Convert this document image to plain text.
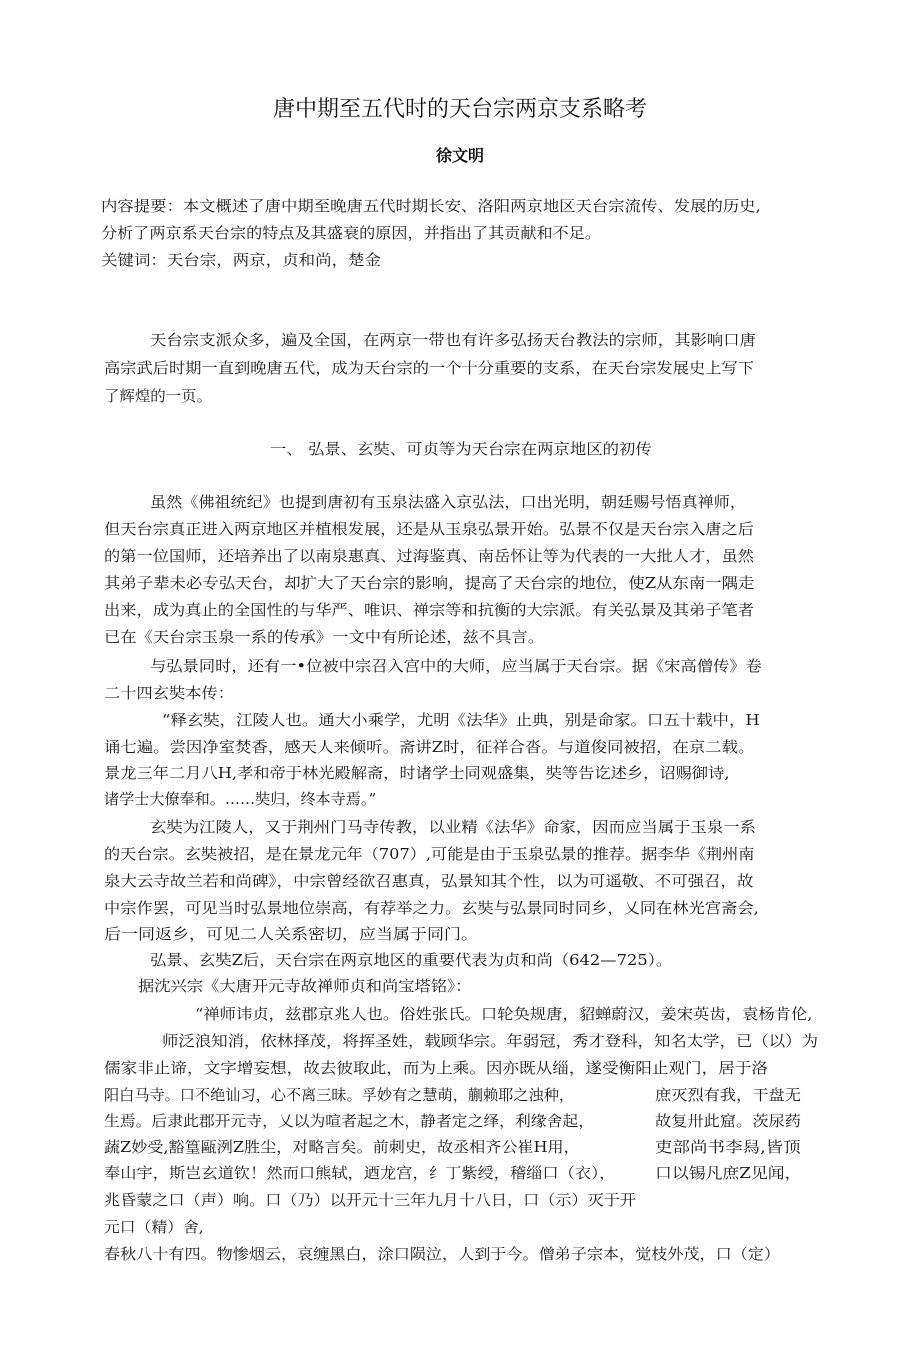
唐中期至五代时的天台宗两京支系略考
徐文明
内容提要：本文概述了唐中期至晚唐五代时期长安、洛阳两京地区天台宗流传、发展的历史,
分析了两京系天台宗的特点及其盛衰的原因，并指出了其贡献和不足。
关键词：天台宗，两京，贞和尚，楚金
天台宗支派众多，遍及全国，在两京一带也有许多弘扬天台教法的宗师，其影响口唐
高宗武后时期一直到晚唐五代，成为天台宗的一个十分重要的支系，在天台宗发展史上写下
了辉煌的一页。
一、 弘景、玄奘、可贞等为天台宗在两京地区的初传
虽然《佛祖统纪》也提到唐初有玉泉法盛入京弘法，口出光明，朝廷赐号悟真禅师，
但天台宗真正进入两京地区并植根发展，还是从玉泉弘景开始。弘景不仅是天台宗入唐之后
的第一位国师，还培养出了以南泉惠真、过海鉴真、南岳怀让等为代表的一大批人才，虽然
其弟子辈未必专弘天台，却扩大了天台宗的影响，提高了天台宗的地位，使Z从东南一隅走
出来，成为真止的全国性的与华严、唯识、禅宗等和抗衡的大宗派。有关弘景及其弟子笔者
已在《天台宗玉泉一系的传承》一文中有所论述，兹不具言。
与弘景同时，还有一•位被中宗召入宫中的大师，应当属于天台宗。据《宋高僧传》卷
二十四玄奘本传：
“释玄奘，江陵人也。通大小乘学，尤明《法华》止典，别是命家。口五十载中，H
诵七遍。尝因净室焚香，感天人来倾听。斋讲Z时，征祥合沓。与道俊同被招，在京二载。
景龙三年二月八H,孝和帝于林光殿解斋，时诸学士同观盛集，奘等告讫述乡，诏赐御诗,
诸学士大僚奉和。……奘归，终本寺焉。”
玄奘为江陵人，又于荆州门马寺传教，以业精《法华》命家，因而应当属于玉泉一系
的天台宗。玄奘被招，是在景龙元年（707）,可能是由于玉泉弘景的推荐。据李华《荆州南
泉大云寺故兰若和尚碑》，中宗曾经欲召惠真，弘景知其个性，以为可遥敬、不可强召，故
中宗作罢，可见当时弘景地位崇高，有荐举之力。玄奘与弘景同时同乡，乂同在林光宫斋会,
后一同返乡，可见二人关系密切，应当属于同门。
弘景、玄奘Z后，天台宗在两京地区的重要代表为贞和尚（642—725）。
据沈兴宗《大唐开元寺故禅师贞和尚宝塔铭》：
“禅师讳贞，兹郡京兆人也。俗姓张氏。口轮奂规唐，貂蝉蔚汉，姜宋英齿，袁杨肯伦,
师泛浪知消，依林择茂，将挥圣姓，载顾华宗。年弱冠，秀才登科，知名太学，已（以）为
儒家非止谛，文字增妄想，故去彼取此，而为上乘。因亦既从缁，遂受衡阳止观门，居于洛
阳白马寺。口不绝讪习，心不离三昧。孚妙有之慧萌，蒯赖耶之浊种，	庶灭烈有我，干盘无
生焉。后隶此郡开元寺，乂以为喧者起之木，静者定之绎，利缘舍起，	故复卅此窟。茨尿药
蔬Z妙受,豁篁甌洌Z胜尘，对略言矣。前刺史，故丞相齐公崔H用，	吏部尚书李舄,皆顶
奉山宇，斯岂玄道钦！然而口熊轼，迺龙宫，纟丁紫绶，稽缁口（衣），	口以锡凡庶Z见闻，
兆昏蒙之口（声）响。口（乃）以开元十三年九月十八日，口（示）灭于开
元口（精）舍,
春秋八十有四。物惨烟云，哀缠黑白，涂口陨泣，人到于今。僧弟子宗本，觉枝外茂，口（定）
